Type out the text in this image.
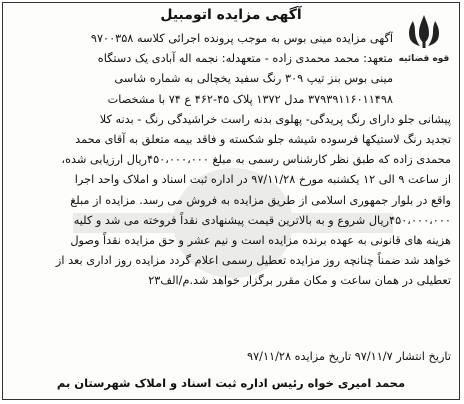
قوه قضائیه
آگهی مزایده اتومبیل
آگهی مزایده مینی بوس به موجب پرونده اجرائی کلاسه ۹۷۰۰۳۵۸
متعهد: محمد محمدی زاده - متعهدله: نجمه اله آبادی یک دستگاه
مینی بوس بنز تیپ ۳۰۹ رنگ سفید یخچالی به شماره شاسی
۳۷۹۳۹۱۱۶۰۱۱۴۹۸ مدل ۱۳۷۲ پلاک ۴۵-۴۶۲ ع ۷۴ با مشخصات
پیشانی جلو دارای رنگ پریدگی- پهلوی بدنه راست خراشیدگی رنگ - بدنه کلا
تجدید رنگ لاستیکها فرسوده شیشه جلو شکسته و فاقد بیمه متعلق به آقای محمد
محمدی زاده که طبق نظر کارشناس رسمی به مبلغ ۴۵۰،۰۰۰،۰۰۰ریال ارزیابی شده،
از ساعت ۹ الی ۱۲ یکشنبه مورخ ۹۷/۱۱/۲۸ در اداره ثبت اسناد و املاک واحد اجرا
واقع در بلوار جمهوری اسلامی از طریق مزایده به فروش می رسد. مزایده از مبلغ
۴۵۰،۰۰۰،۰۰۰ریال شروع و به بالاترین قیمت پیشنهادی نقداً فروخته می شد و کلیه
هزینه های قانونی به عهده برنده مزایده است و نیم عشر و حق مزایده نقداً وصول
خواهد شد ضمناً چنانچه روز مزایده تعطیل رسمی اعلام گردد مزایده روز اداری بعد از
تعطیلی در همان ساعت و مکان مقرر برگزار خواهد شد.م/الف۲۳
تاریخ انتشار ۹۷/۱۱/۷ تاریخ مزایده ۹۷/۱۱/۲۸
محمد امیری خواه رئیس اداره ثبت اسناد و املاک شهرستان بم
